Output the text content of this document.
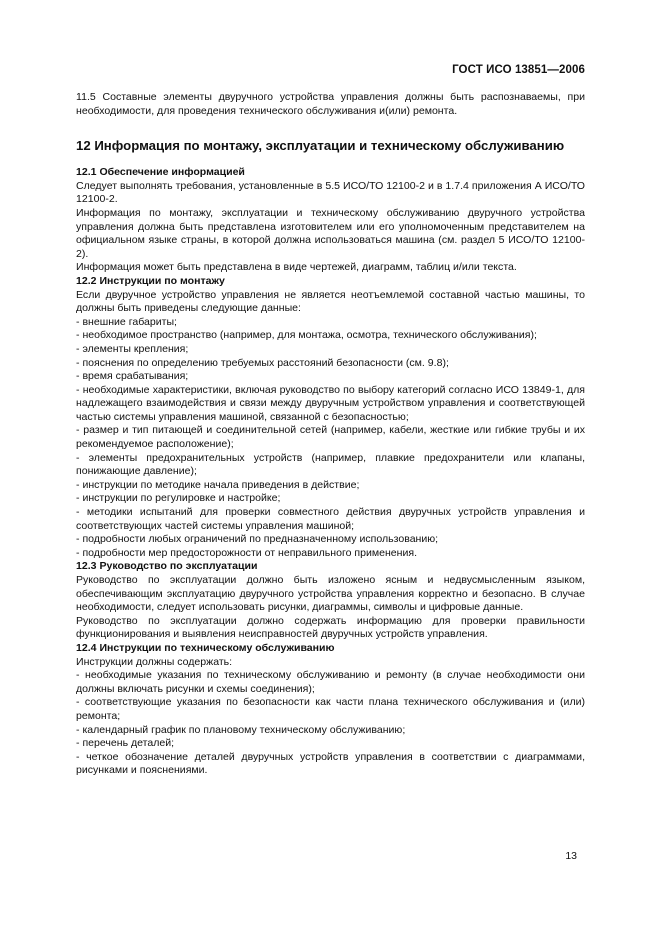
ГОСТ ИСО 13851—2006

11.5 Составные элементы двуручного устройства управления должны быть распознаваемы, при необходимости, для проведения технического обслуживания и(или) ремонта.

12 Информация по монтажу, эксплуатации и техническому обслуживанию

12.1 Обеспечение информацией

Следует выполнять требования, установленные в 5.5 ИСО/ТО 12100-2 и в 1.7.4 приложения А ИСО/ТО 12100-2.

Информация по монтажу, эксплуатации и техническому обслуживанию двуручного устройства управления должна быть представлена изготовителем или его уполномоченным представителем на официальном языке страны, в которой должна использоваться машина (см. раздел 5 ИСО/ТО 12100-2).

Информация может быть представлена в виде чертежей, диаграмм, таблиц и/или текста.

12.2 Инструкции по монтажу

Если двуручное устройство управления не является неотъемлемой составной частью машины, то должны быть приведены следующие данные:

- внешние габариты;

- необходимое пространство (например, для монтажа, осмотра, технического обслуживания);

- элементы крепления;

- пояснения по определению требуемых расстояний безопасности (см. 9.8);

- время срабатывания;

- необходимые характеристики, включая руководство по выбору категорий согласно ИСО 13849-1, для надлежащего взаимодействия и связи между двуручным устройством управления и соответствующей частью системы управления машиной, связанной с безопасностью;

- размер и тип питающей и соединительной сетей (например, кабели, жесткие или гибкие трубы и их рекомендуемое расположение);

- элементы предохранительных устройств (например, плавкие предохранители или клапаны, понижающие давление);

- инструкции по методике начала приведения в действие;

- инструкции по регулировке и настройке;

- методики испытаний для проверки совместного действия двуручных устройств управления и соответствующих частей системы управления машиной;

- подробности любых ограничений по предназначенному использованию;

- подробности мер предосторожности от неправильного применения.

12.3 Руководство по эксплуатации

Руководство по эксплуатации должно быть изложено ясным и недвусмысленным языком, обеспечивающим эксплуатацию двуручного устройства управления корректно и безопасно. В случае необходимости, следует использовать рисунки, диаграммы, символы и цифровые данные.

Руководство по эксплуатации должно содержать информацию для проверки правильности функционирования и выявления неисправностей двуручных устройств управления.

12.4 Инструкции по техническому обслуживанию

Инструкции должны содержать:

- необходимые указания по техническому обслуживанию и ремонту (в случае необходимости они должны включать рисунки и схемы соединения);

- соответствующие указания по безопасности как части плана технического обслуживания и (или) ремонта;

- календарный график по плановому техническому обслуживанию;

- перечень деталей;

- четкое обозначение деталей двуручных устройств управления в соответствии с диаграммами, рисунками и пояснениями.

13
